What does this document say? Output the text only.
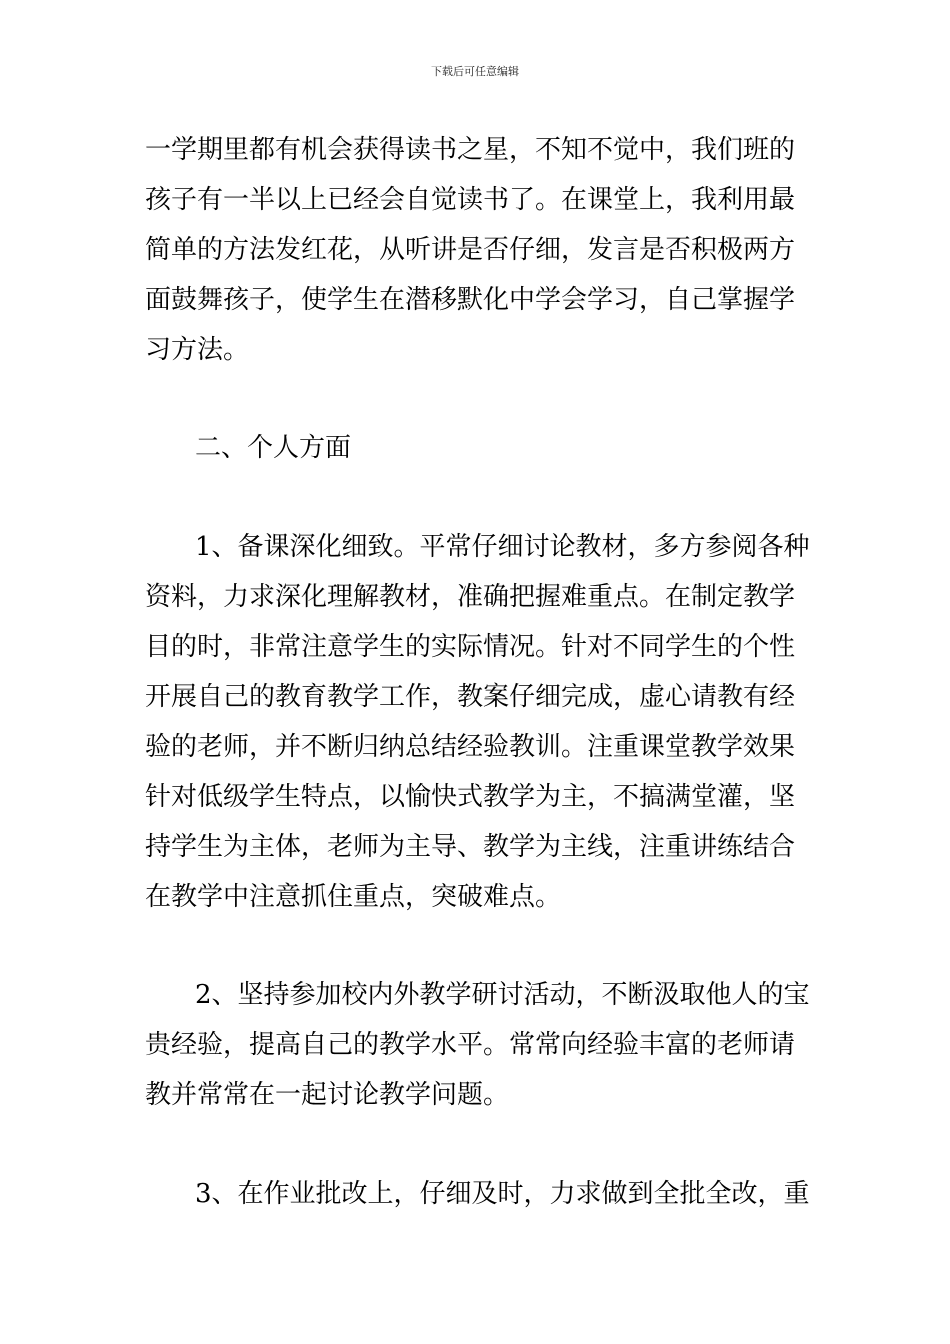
下载后可任意编辑
一学期里都有机会获得读书之星，不知不觉中，我们班的
孩子有一半以上已经会自觉读书了。在课堂上，我利用最
简单的方法发红花，从听讲是否仔细，发言是否积极两方
面鼓舞孩子，使学生在潜移默化中学会学习，自己掌握学
习方法。
二、个人方面
1、备课深化细致。平常仔细讨论教材，多方参阅各种
资料，力求深化理解教材，准确把握难重点。在制定教学
目的时，非常注意学生的实际情况。针对不同学生的个性
开展自己的教育教学工作，教案仔细完成，虚心请教有经
验的老师，并不断归纳总结经验教训。注重课堂教学效果
针对低级学生特点，以愉快式教学为主，不搞满堂灌，坚
持学生为主体，老师为主导、教学为主线，注重讲练结合
在教学中注意抓住重点，突破难点。
2、坚持参加校内外教学研讨活动，不断汲取他人的宝
贵经验，提高自己的教学水平。常常向经验丰富的老师请
教并常常在一起讨论教学问题。
3、在作业批改上，仔细及时，力求做到全批全改，重
